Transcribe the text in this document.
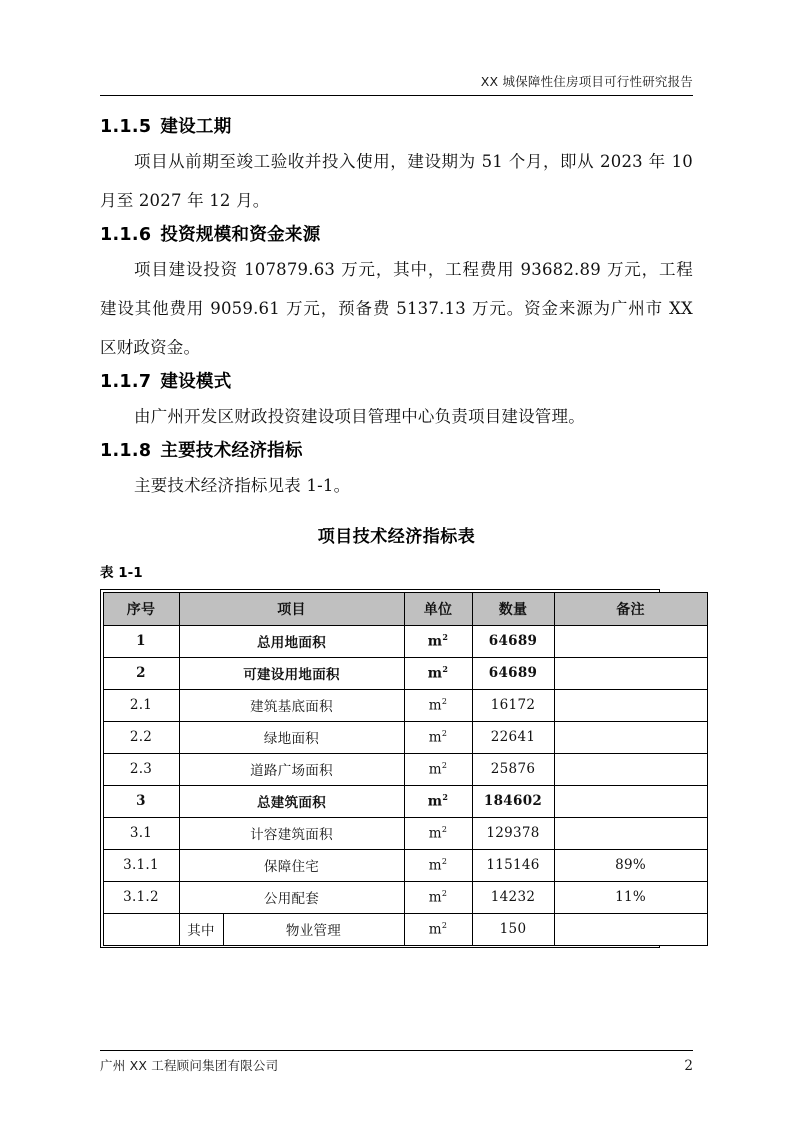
XX 城保障性住房项目可行性研究报告
1.1.5 建设工期

项目从前期至竣工验收并投入使用，建设期为 51 个月，即从 2023 年 10 月至 2027 年 12 月。

1.1.6 投资规模和资金来源

项目建设投资 107879.63 万元，其中，工程费用 93682.89 万元，工程建设其他费用 9059.61 万元，预备费 5137.13 万元。资金来源为广州市 XX 区财政资金。

1.1.7 建设模式

由广州开发区财政投资建设项目管理中心负责项目建设管理。

1.1.8 主要技术经济指标

主要技术经济指标见表 1-1。

项目技术经济指标表
表 1-1
序号	项目		单位	数量	备注
1	总用地面积		$m^2$	64689	
2	可建设用地面积		$m^2$	64689	
2.1	建筑基底面积		$m^2$	16172	
2.2	绿地面积		$m^2$	22641	
2.3	道路广场面积		$m^2$	25876	
3	总建筑面积		$m^2$	184602	
3.1	计容建筑面积		$m^2$	129378	
3.1.1	保障住宅		$m^2$	115146	89%
3.1.2	公用配套		$m^2$	14232	11%
	其中	物业管理	$m^2$	150	
广州 XX 工程顾问集团有限公司	2
